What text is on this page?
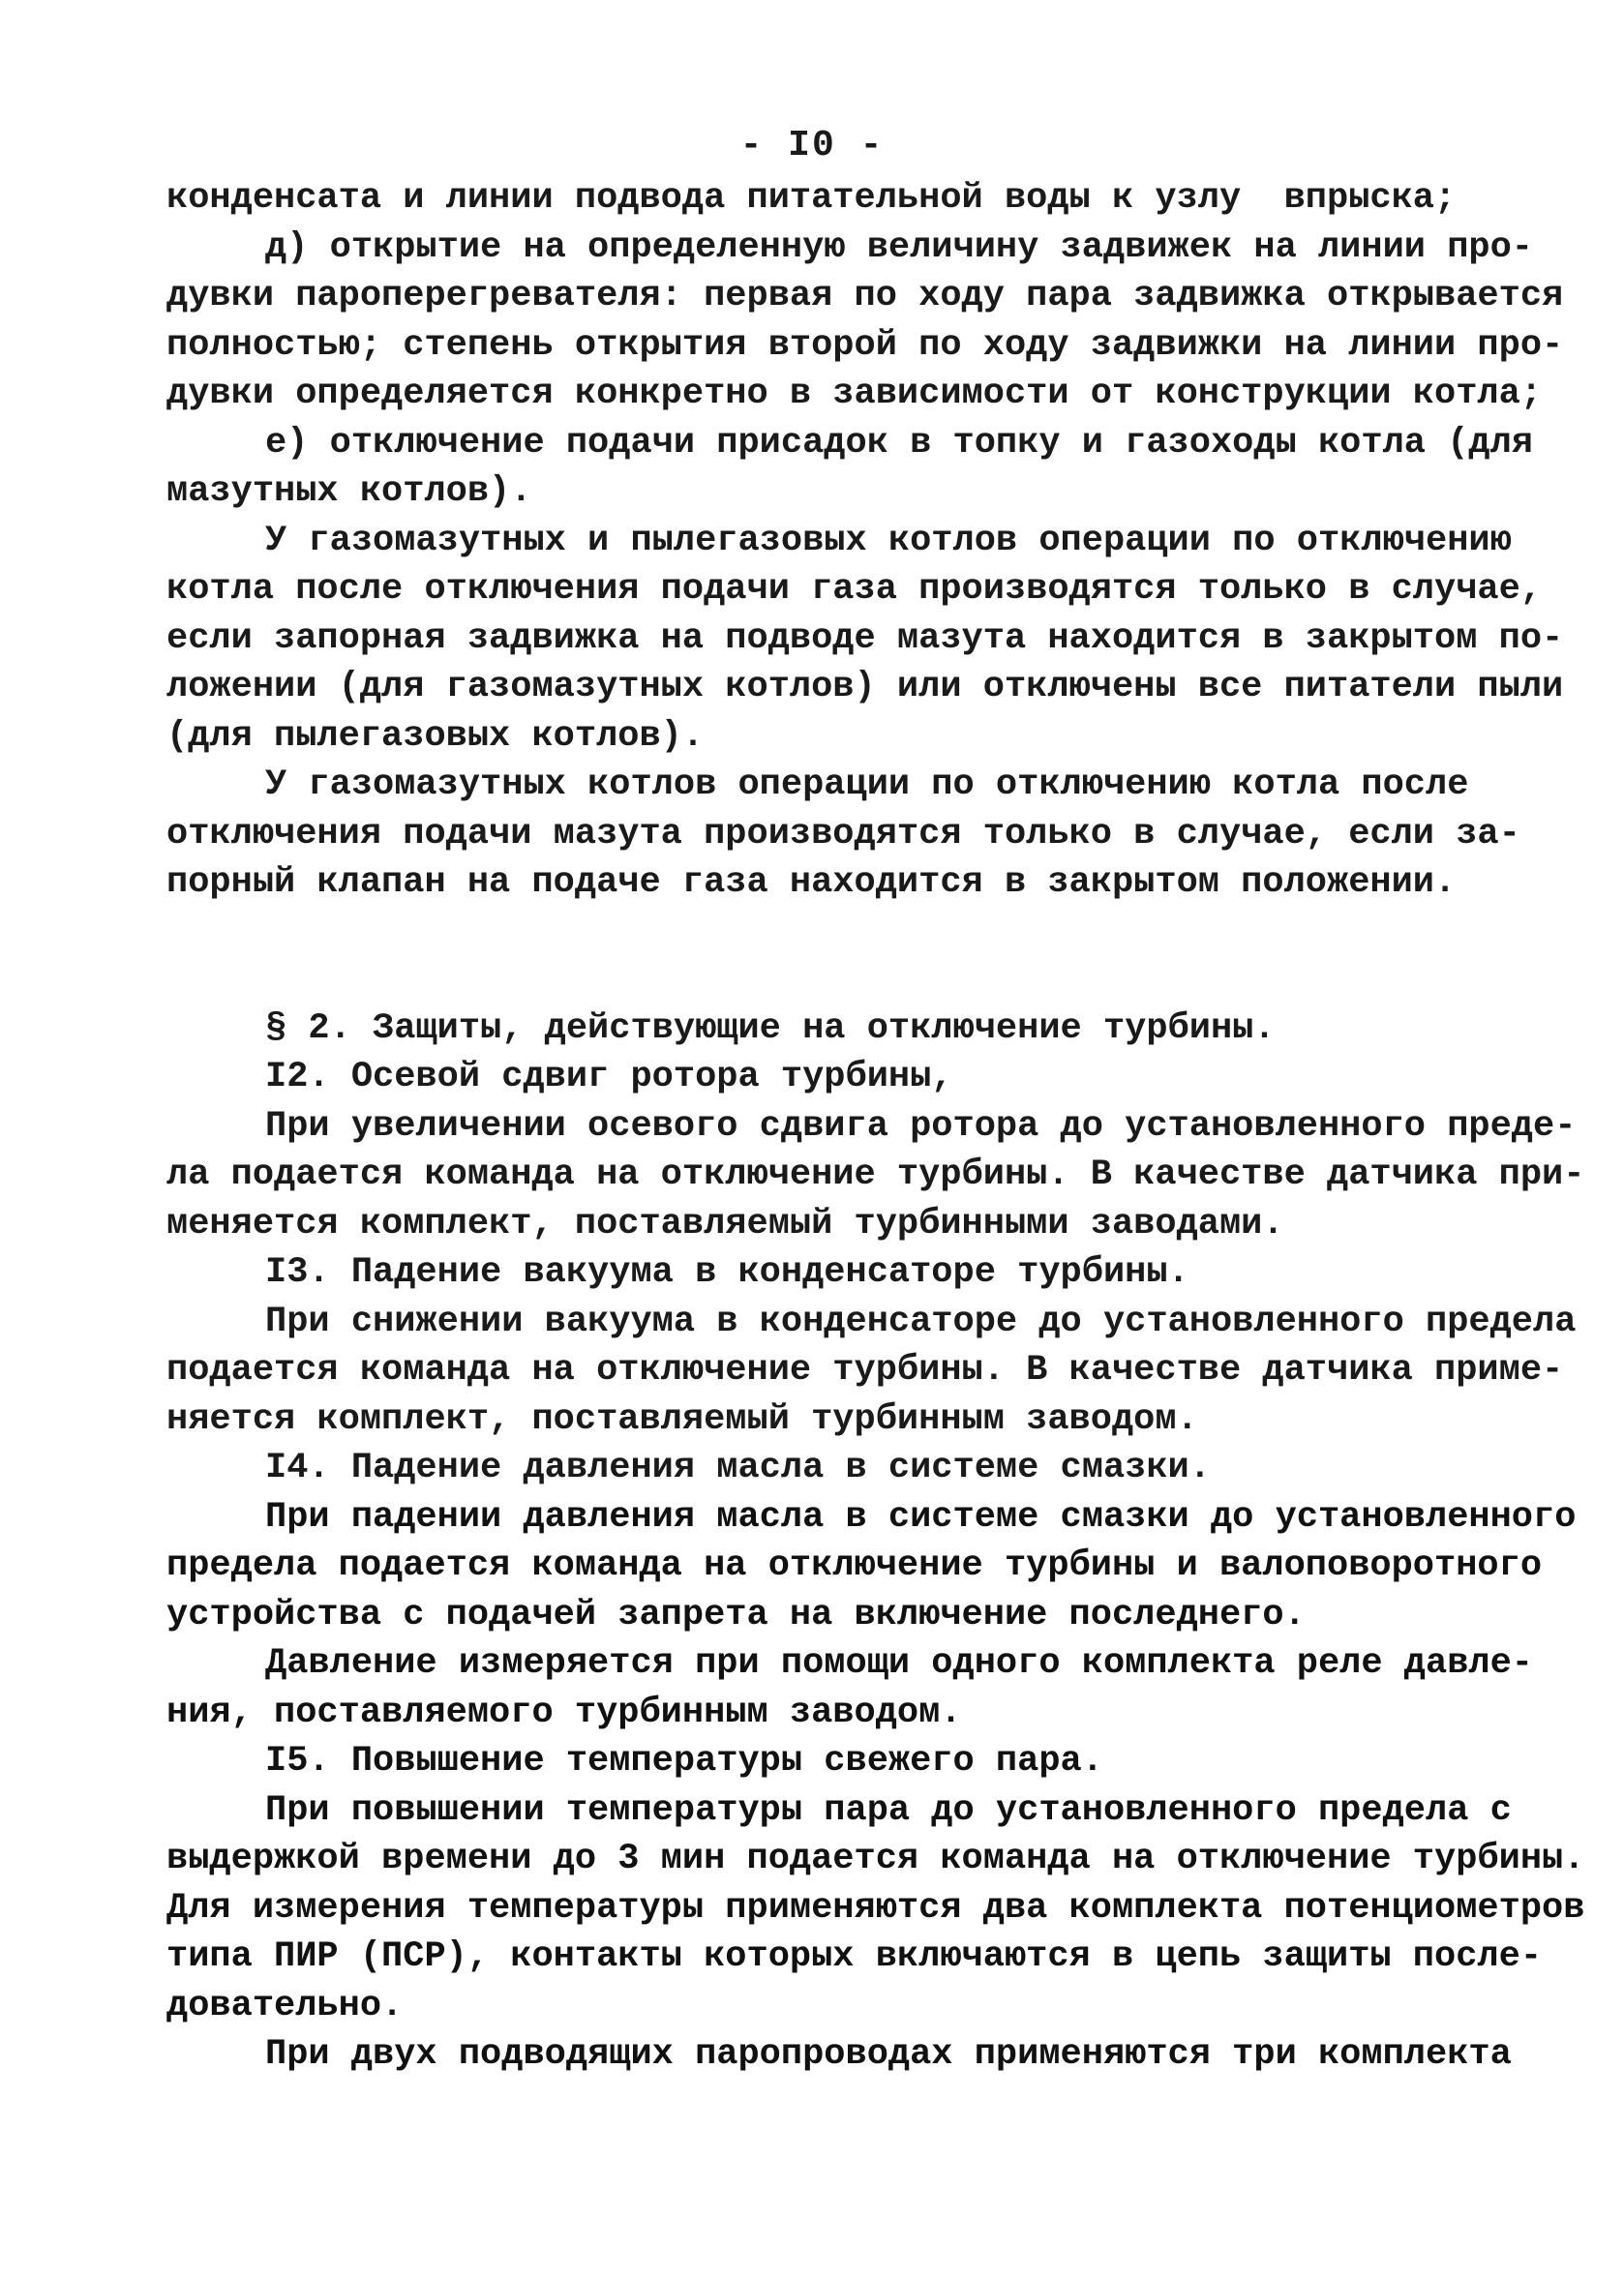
- I0 -
конденсата и линии подвода питательной воды к узлу  впрыска;
д) открытие на определенную величину задвижек на линии про-
дувки пароперегревателя: первая по ходу пара задвижка открывается
полностью; степень открытия второй по ходу задвижки на линии про-
дувки определяется конкретно в зависимости от конструкции котла;
е) отключение подачи присадок в топку и газоходы котла (для
мазутных котлов).
У газомазутных и пылегазовых котлов операции по отключению
котла после отключения подачи газа производятся только в случае,
если запорная задвижка на подводе мазута находится в закрытом по-
ложении (для газомазутных котлов) или отключены все питатели пыли
(для пылегазовых котлов).
У газомазутных котлов операции по отключению котла после
отключения подачи мазута производятся только в случае, если за-
порный клапан на подаче газа находится в закрытом положении.
§ 2. Защиты, действующие на отключение турбины.
I2. Осевой сдвиг ротора турбины,
При увеличении осевого сдвига ротора до установленного преде-
ла подается команда на отключение турбины. В качестве датчика при-
меняется комплект, поставляемый турбинными заводами.
I3. Падение вакуума в конденсаторе турбины.
При снижении вакуума в конденсаторе до установленного предела
подается команда на отключение турбины. В качестве датчика приме-
няется комплект, поставляемый турбинным заводом.
I4. Падение давления масла в системе смазки.
При падении давления масла в системе смазки до установленного
предела подается команда на отключение турбины и валоповоротного
устройства с подачей запрета на включение последнего.
Давление измеряется при помощи одного комплекта реле давле-
ния, поставляемого турбинным заводом.
I5. Повышение температуры свежего пара.
При повышении температуры пара до установленного предела с
выдержкой времени до 3 мин подается команда на отключение турбины.
Для измерения температуры применяются два комплекта потенциометров
типа ПИР (ПСР), контакты которых включаются в цепь защиты после-
довательно.
При двух подводящих паропроводах применяются три комплекта
